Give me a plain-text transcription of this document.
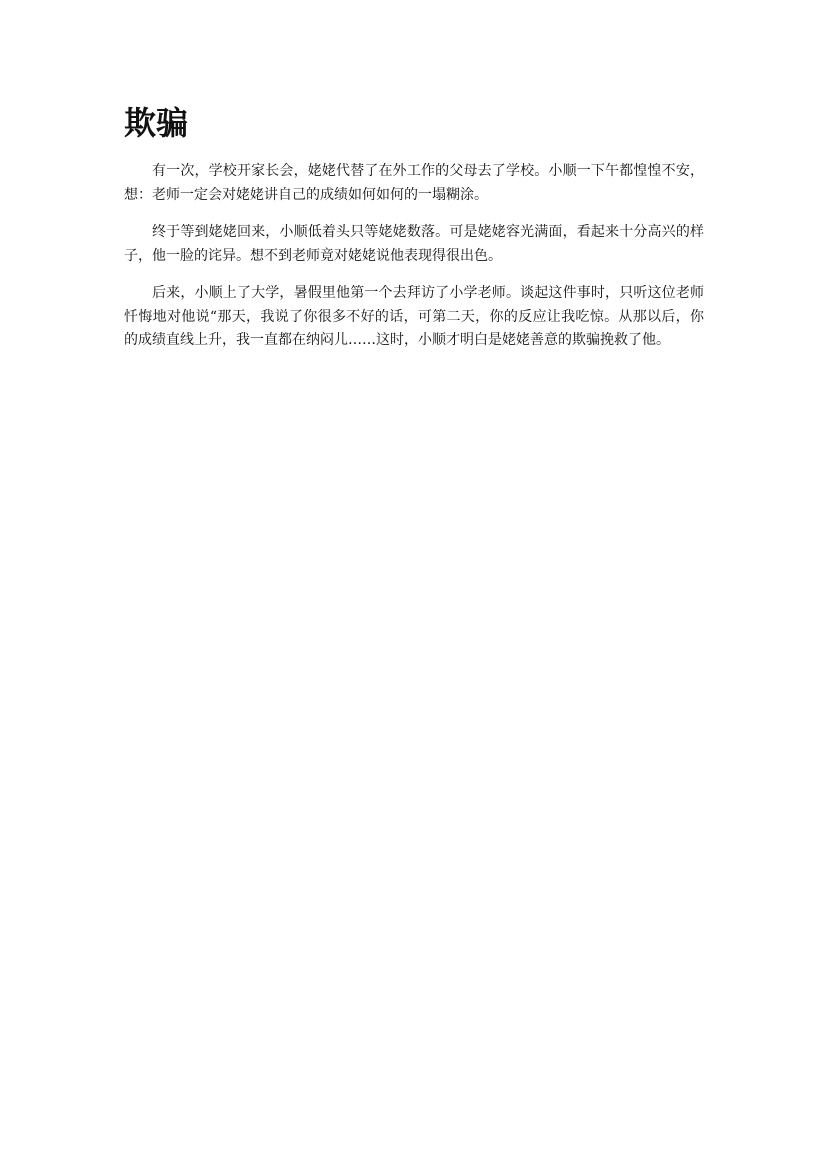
欺骗

有一次，学校开家长会，姥姥代替了在外工作的父母去了学校。小顺一下午都惶惶不安，想：老师一定会对姥姥讲自己的成绩如何如何的一塌糊涂。

终于等到姥姥回来，小顺低着头只等姥姥数落。可是姥姥容光满面，看起来十分高兴的样子，他一脸的诧异。想不到老师竟对姥姥说他表现得很出色。

后来，小顺上了大学，暑假里他第一个去拜访了小学老师。谈起这件事时，只听这位老师忏悔地对他说“那天，我说了你很多不好的话，可第二天，你的反应让我吃惊。从那以后，你的成绩直线上升，我一直都在纳闷儿……这时，小顺才明白是姥姥善意的欺骗挽救了他。
